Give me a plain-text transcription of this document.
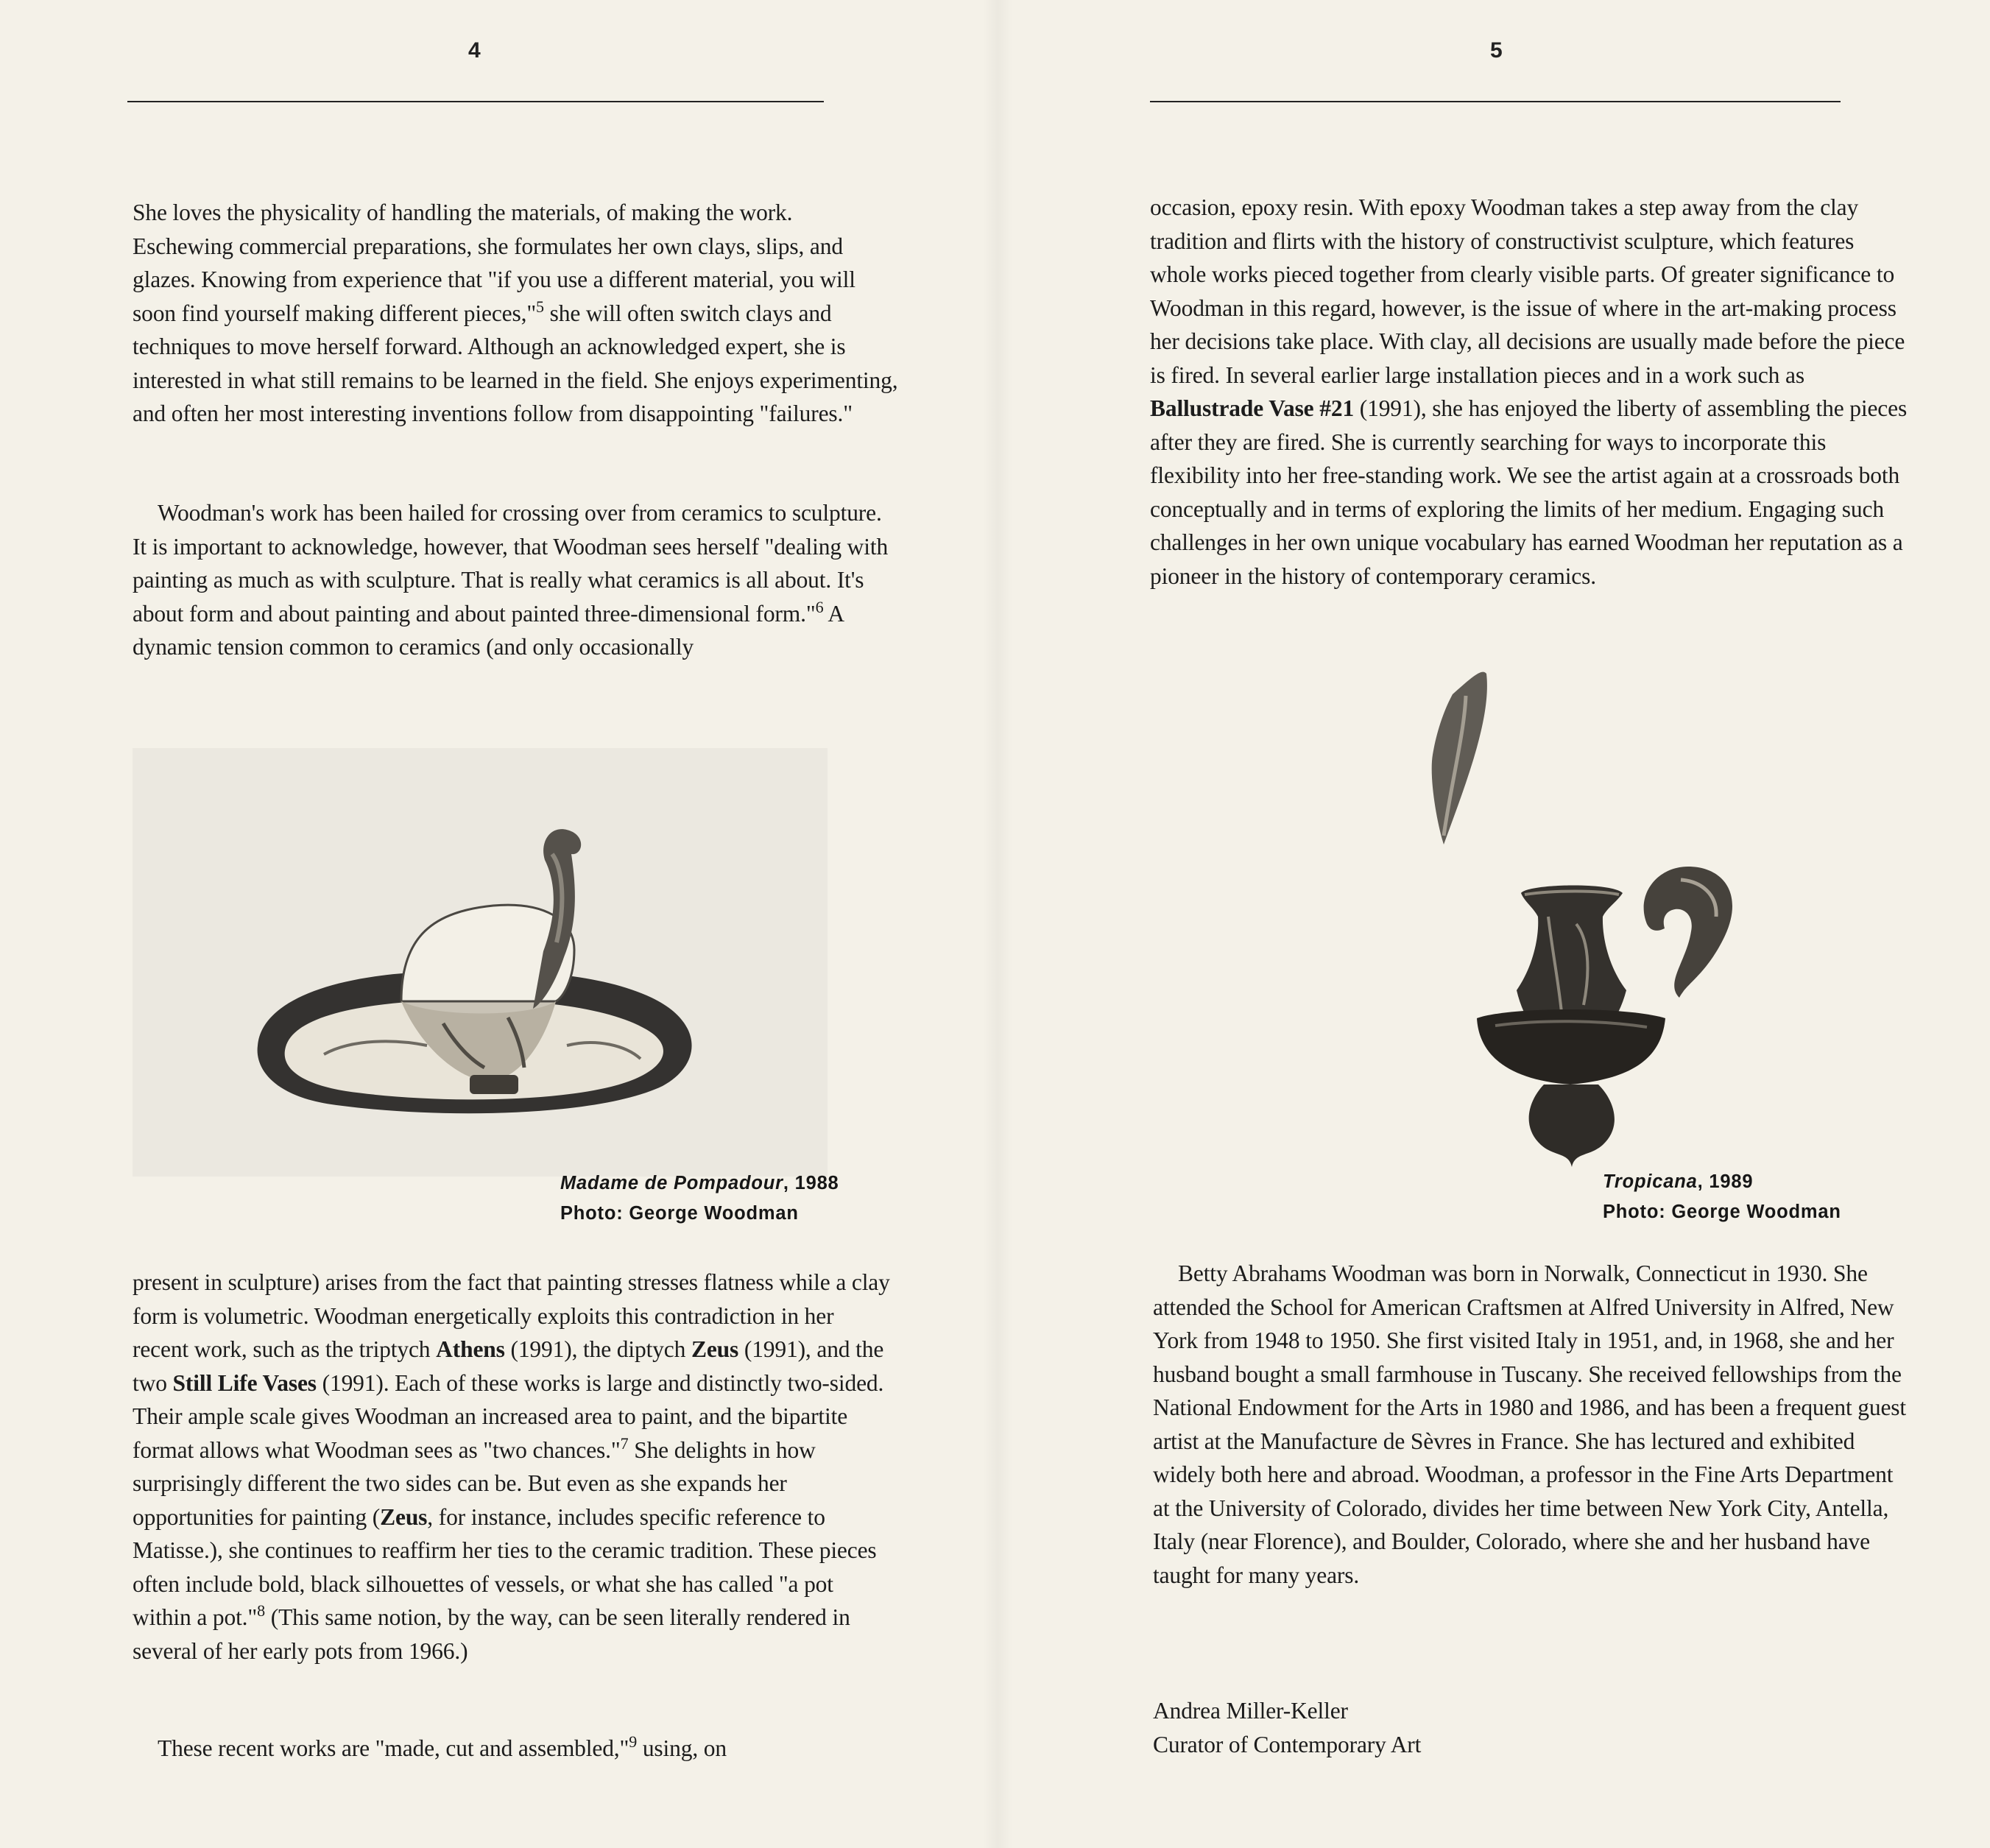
4

She loves the physicality of handling the materials, of making the work. Eschewing commercial preparations, she formulates her own clays, slips, and glazes. Knowing from experience that "if you use a different material, you will soon find yourself making different pieces,"$^5$ she will often switch clays and techniques to move herself forward. Although an acknowledged expert, she is interested in what still remains to be learned in the field. She enjoys experimenting, and often her most interesting inventions follow from disappointing "failures."

Woodman's work has been hailed for crossing over from ceramics to sculpture. It is important to acknowledge, however, that Woodman sees herself "dealing with painting as much as with sculpture. That is really what ceramics is all about. It's about form and about painting and about painted three-dimensional form."$^6$ A dynamic tension common to ceramics (and only occasionally

Madame de Pompadour, 1988
Photo: George Woodman

present in sculpture) arises from the fact that painting stresses flatness while a clay form is volumetric. Woodman energetically exploits this contradiction in her recent work, such as the triptych Athens (1991), the diptych Zeus (1991), and the two Still Life Vases (1991). Each of these works is large and distinctly two-sided. Their ample scale gives Woodman an increased area to paint, and the bipartite format allows what Woodman sees as "two chances."$^7$ She delights in how surprisingly different the two sides can be. But even as she expands her opportunities for painting (Zeus, for instance, includes specific reference to Matisse.), she continues to reaffirm her ties to the ceramic tradition. These pieces often include bold, black silhouettes of vessels, or what she has called "a pot within a pot."$^8$ (This same notion, by the way, can be seen literally rendered in several of her early pots from 1966.)

These recent works are "made, cut and assembled,"$^9$ using, on

5

occasion, epoxy resin. With epoxy Woodman takes a step away from the clay tradition and flirts with the history of constructivist sculpture, which features whole works pieced together from clearly visible parts. Of greater significance to Woodman in this regard, however, is the issue of where in the art-making process her decisions take place. With clay, all decisions are usually made before the piece is fired. In several earlier large installation pieces and in a work such as Ballustrade Vase #21 (1991), she has enjoyed the liberty of assembling the pieces after they are fired. She is currently searching for ways to incorporate this flexibility into her free-standing work. We see the artist again at a crossroads both conceptually and in terms of exploring the limits of her medium. Engaging such challenges in her own unique vocabulary has earned Woodman her reputation as a pioneer in the history of contemporary ceramics.

Tropicana, 1989
Photo: George Woodman

Betty Abrahams Woodman was born in Norwalk, Connecticut in 1930. She attended the School for American Craftsmen at Alfred University in Alfred, New York from 1948 to 1950. She first visited Italy in 1951, and, in 1968, she and her husband bought a small farmhouse in Tuscany. She received fellowships from the National Endowment for the Arts in 1980 and 1986, and has been a frequent guest artist at the Manufacture de Sèvres in France. She has lectured and exhibited widely both here and abroad. Woodman, a professor in the Fine Arts Department at the University of Colorado, divides her time between New York City, Antella, Italy (near Florence), and Boulder, Colorado, where she and her husband have taught for many years.

Andrea Miller-Keller
Curator of Contemporary Art
